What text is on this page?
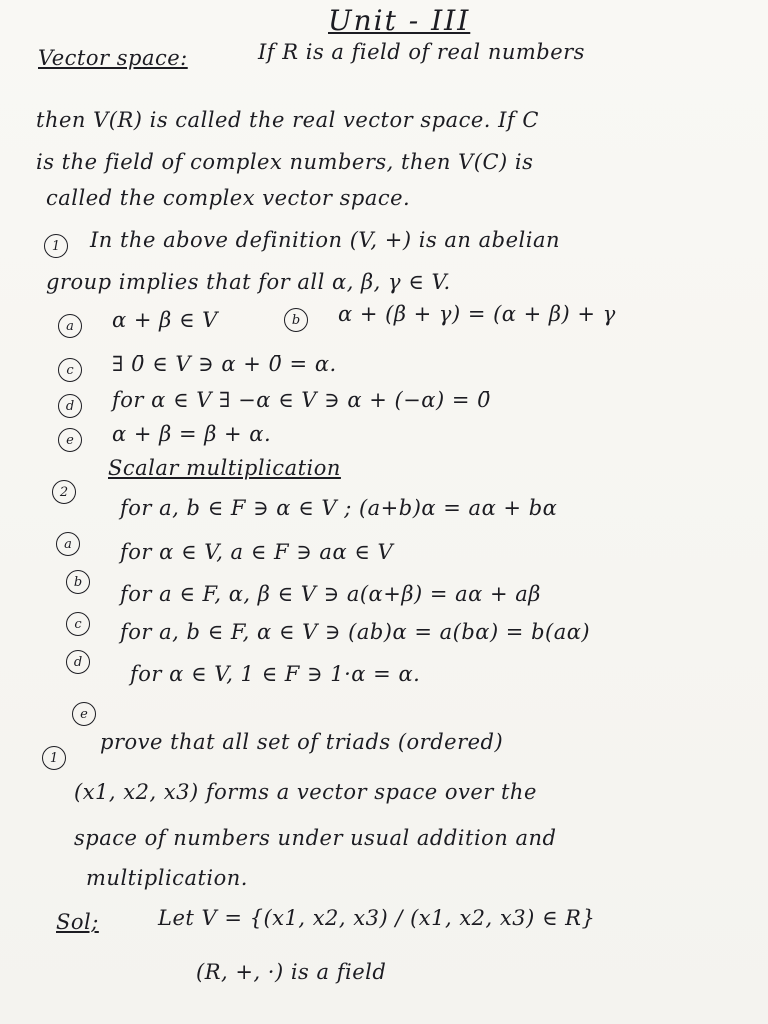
Unit - III
Vector space:	If R is a field of real numbers
then V(R) is called the real vector space. If C
is the field of complex numbers, then V(C) is
called the complex vector space.
1	In the above definition (V, +) is an abelian
group implies that for all α, β, γ ∈ V.
a	α + β ∈ V	b	α + (β + γ) = (α + β) + γ
c	∃ 0̄ ∈ V ∋ α + 0̄ = α.
d	for α ∈ V ∃ −α ∈ V ∋ α + (−α) = 0̄
e	α + β = β + α.
2
Scalar multiplication
a
for a, b ∈ F ∋ α ∈ V ; (a+b)α = aα + bα
b
for α ∈ V, a ∈ F ∋ aα ∈ V
c
for a ∈ F, α, β ∈ V ∋ a(α+β) = aα + aβ
d
for a, b ∈ F, α ∈ V ∋ (ab)α = a(bα) = b(aα)
e
for α ∈ V, 1 ∈ F ∋ 1·α = α.
1
prove that all set of triads (ordered)
(x1, x2, x3) forms a vector space over the
space of numbers under usual addition and
multiplication.
Sol;	Let V = {(x1, x2, x3) / (x1, x2, x3) ∈ R}
(R, +, ·) is a field
